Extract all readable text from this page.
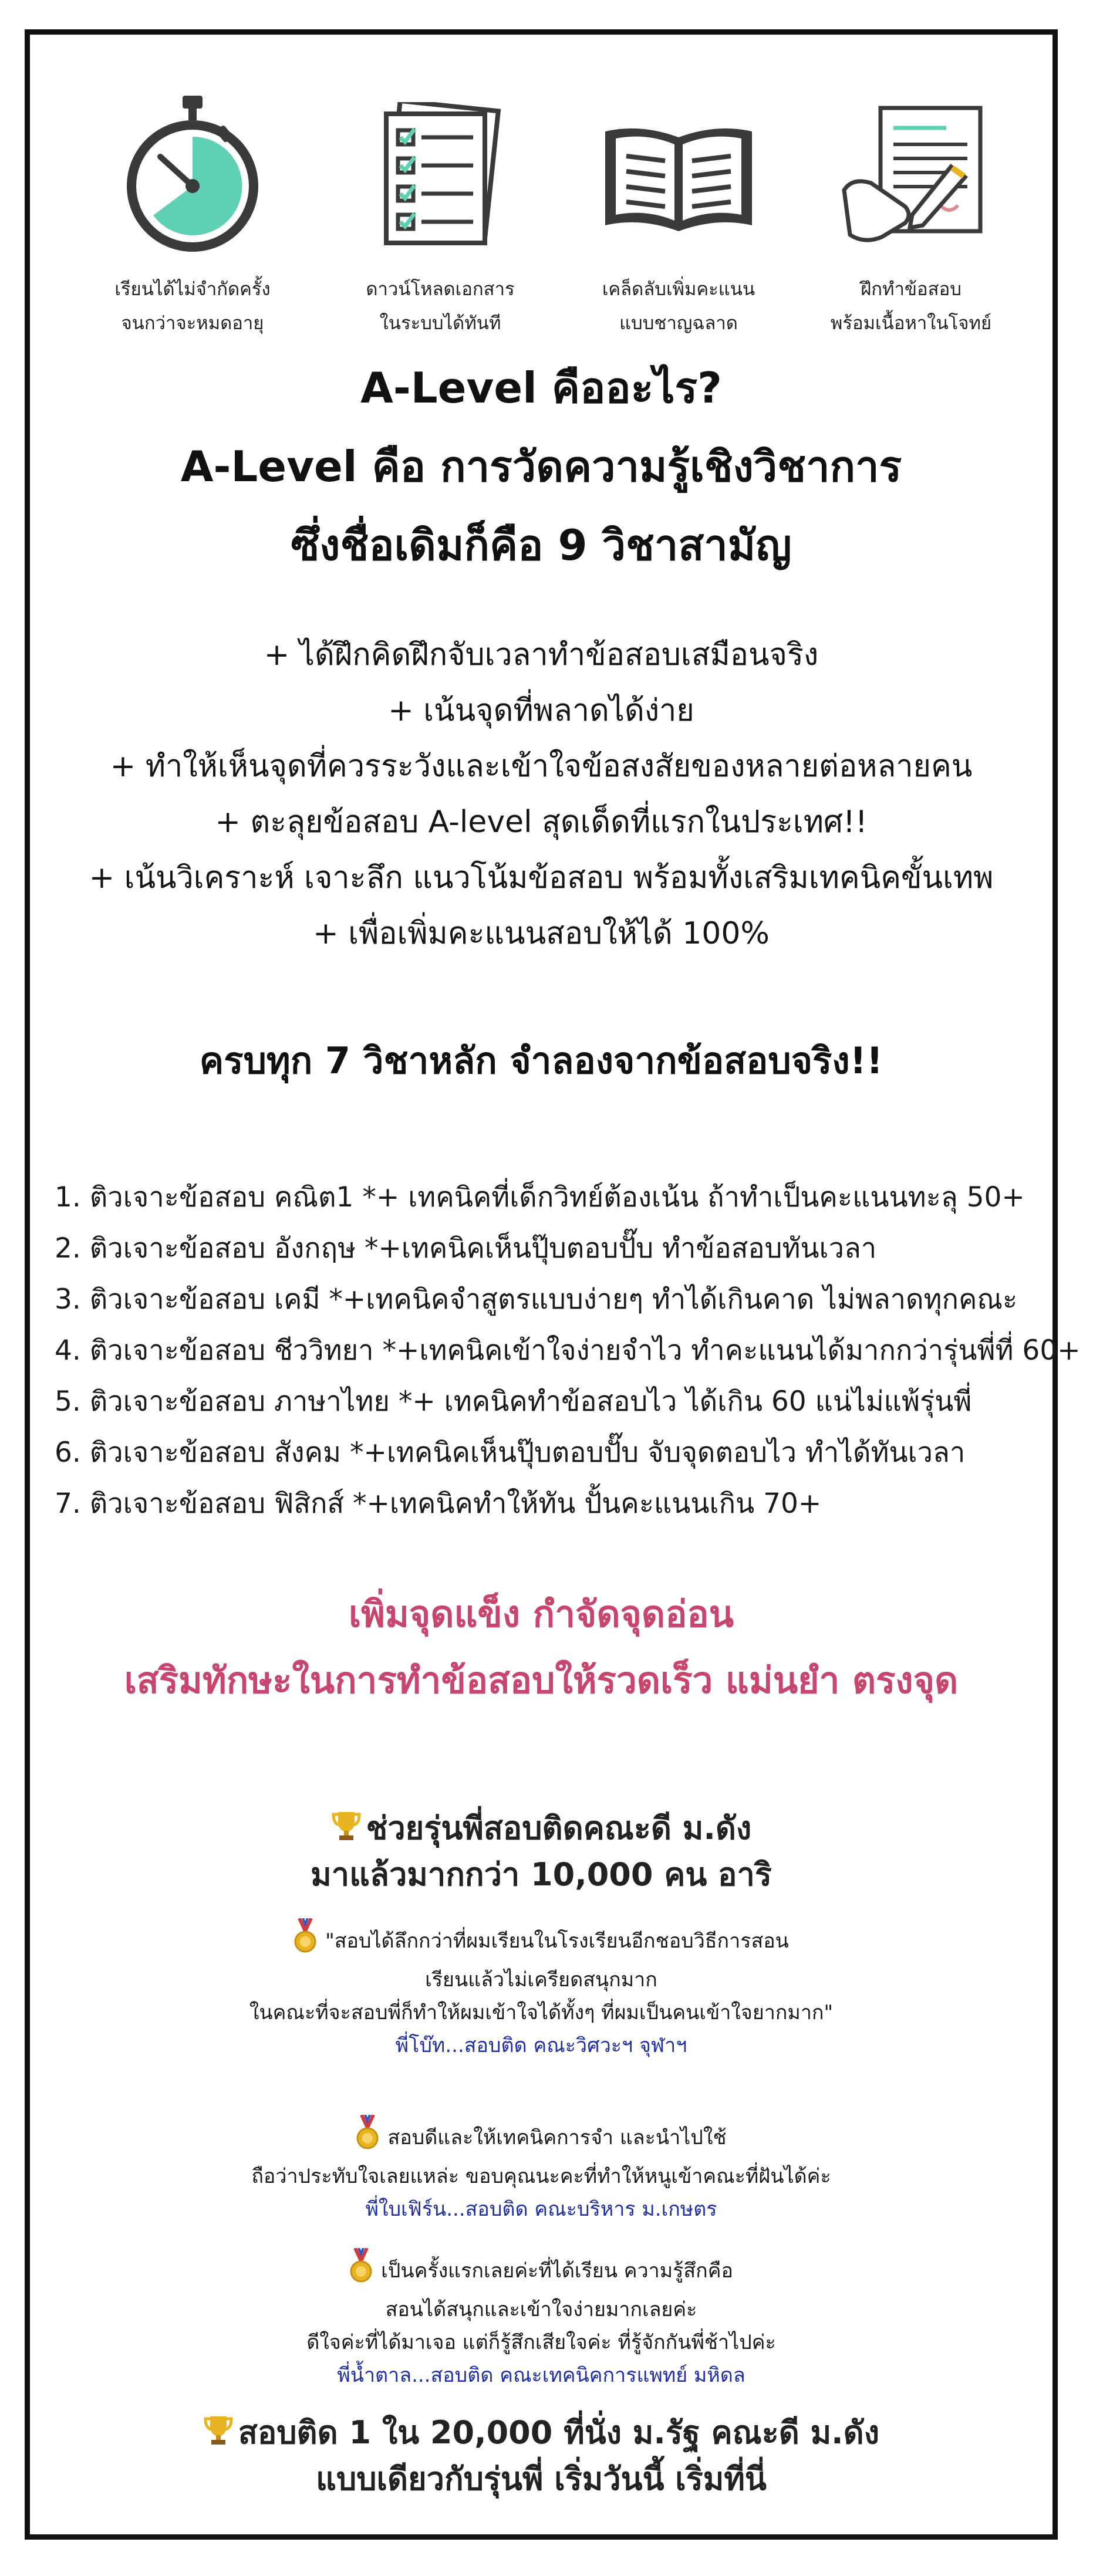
เรียนได้ไม่จำกัดครั้ง
จนกว่าจะหมดอายุ
ดาวน์โหลดเอกสาร
ในระบบได้ทันที
เคล็ดลับเพิ่มคะแนน
แบบชาญฉลาด
ฝึกทำข้อสอบ
พร้อมเนื้อหาในโจทย์
A-Level คืออะไร?
A-Level คือ การวัดความรู้เชิงวิชาการ
ซึ่งชื่อเดิมก็คือ 9 วิชาสามัญ
+ ได้ฝึกคิดฝึกจับเวลาทำข้อสอบเสมือนจริง
+ เน้นจุดที่พลาดได้ง่าย
+ ทำให้เห็นจุดที่ควรระวังและเข้าใจข้อสงสัยของหลายต่อหลายคน
+ ตะลุยข้อสอบ A-level สุดเด็ดที่แรกในประเทศ!!
+ เน้นวิเคราะห์ เจาะลึก แนวโน้มข้อสอบ พร้อมทั้งเสริมเทคนิคขั้นเทพ
+ เพื่อเพิ่มคะแนนสอบให้ได้ 100%
ครบทุก 7 วิชาหลัก จำลองจากข้อสอบจริง!!
1. ติวเจาะข้อสอบ คณิต1 *+ เทคนิคที่เด็กวิทย์ต้องเน้น ถ้าทำเป็นคะแนนทะลุ 50+
2. ติวเจาะข้อสอบ อังกฤษ *+เทคนิคเห็นปุ๊บตอบปั๊บ ทำข้อสอบทันเวลา
3. ติวเจาะข้อสอบ เคมี *+เทคนิคจำสูตรแบบง่ายๆ ทำได้เกินคาด ไม่พลาดทุกคณะ
4. ติวเจาะข้อสอบ ชีววิทยา *+เทคนิคเข้าใจง่ายจำไว ทำคะแนนได้มากกว่ารุ่นพี่ที่ 60+
5. ติวเจาะข้อสอบ ภาษาไทย *+ เทคนิคทำข้อสอบไว ได้เกิน 60 แน่ไม่แพ้รุ่นพี่
6. ติวเจาะข้อสอบ สังคม *+เทคนิคเห็นปุ๊บตอบปั๊บ จับจุดตอบไว ทำได้ทันเวลา
7. ติวเจาะข้อสอบ ฟิสิกส์ *+เทคนิคทำให้ทัน ปั้นคะแนนเกิน 70+
เพิ่มจุดแข็ง กำจัดจุดอ่อน
เสริมทักษะในการทำข้อสอบให้รวดเร็ว แม่นยำ ตรงจุด
ช่วยรุ่นพี่สอบติดคณะดี ม.ดัง
มาแล้วมากกว่า 10,000 คน อาริ
"สอบได้ลึกกว่าที่ผมเรียนในโรงเรียนอีกชอบวิธีการสอน
เรียนแล้วไม่เครียดสนุกมาก
ในคณะที่จะสอบพี่ก็ทำให้ผมเข้าใจได้ทั้งๆ ที่ผมเป็นคนเข้าใจยากมาก"
พี่โบ๊ท...สอบติด คณะวิศวะฯ จุฬาฯ
สอบดีและให้เทคนิคการจำ และนำไปใช้
ถือว่าประทับใจเลยแหล่ะ ขอบคุณนะคะที่ทำให้หนูเข้าคณะที่ฝันได้ค่ะ
พี่ใบเฟิร์น...สอบติด คณะบริหาร ม.เกษตร
เป็นครั้งแรกเลยค่ะที่ได้เรียน ความรู้สึกคือ
สอนได้สนุกและเข้าใจง่ายมากเลยค่ะ
ดีใจค่ะที่ได้มาเจอ แต่ก็รู้สึกเสียใจค่ะ ที่รู้จักกันพี่ช้าไปค่ะ
พี่น้ำตาล...สอบติด คณะเทคนิคการแพทย์ มหิดล
สอบติด 1 ใน 20,000 ที่นั่ง ม.รัฐ คณะดี ม.ดัง
แบบเดียวกับรุ่นพี่ เริ่มวันนี้ เริ่มที่นี่
